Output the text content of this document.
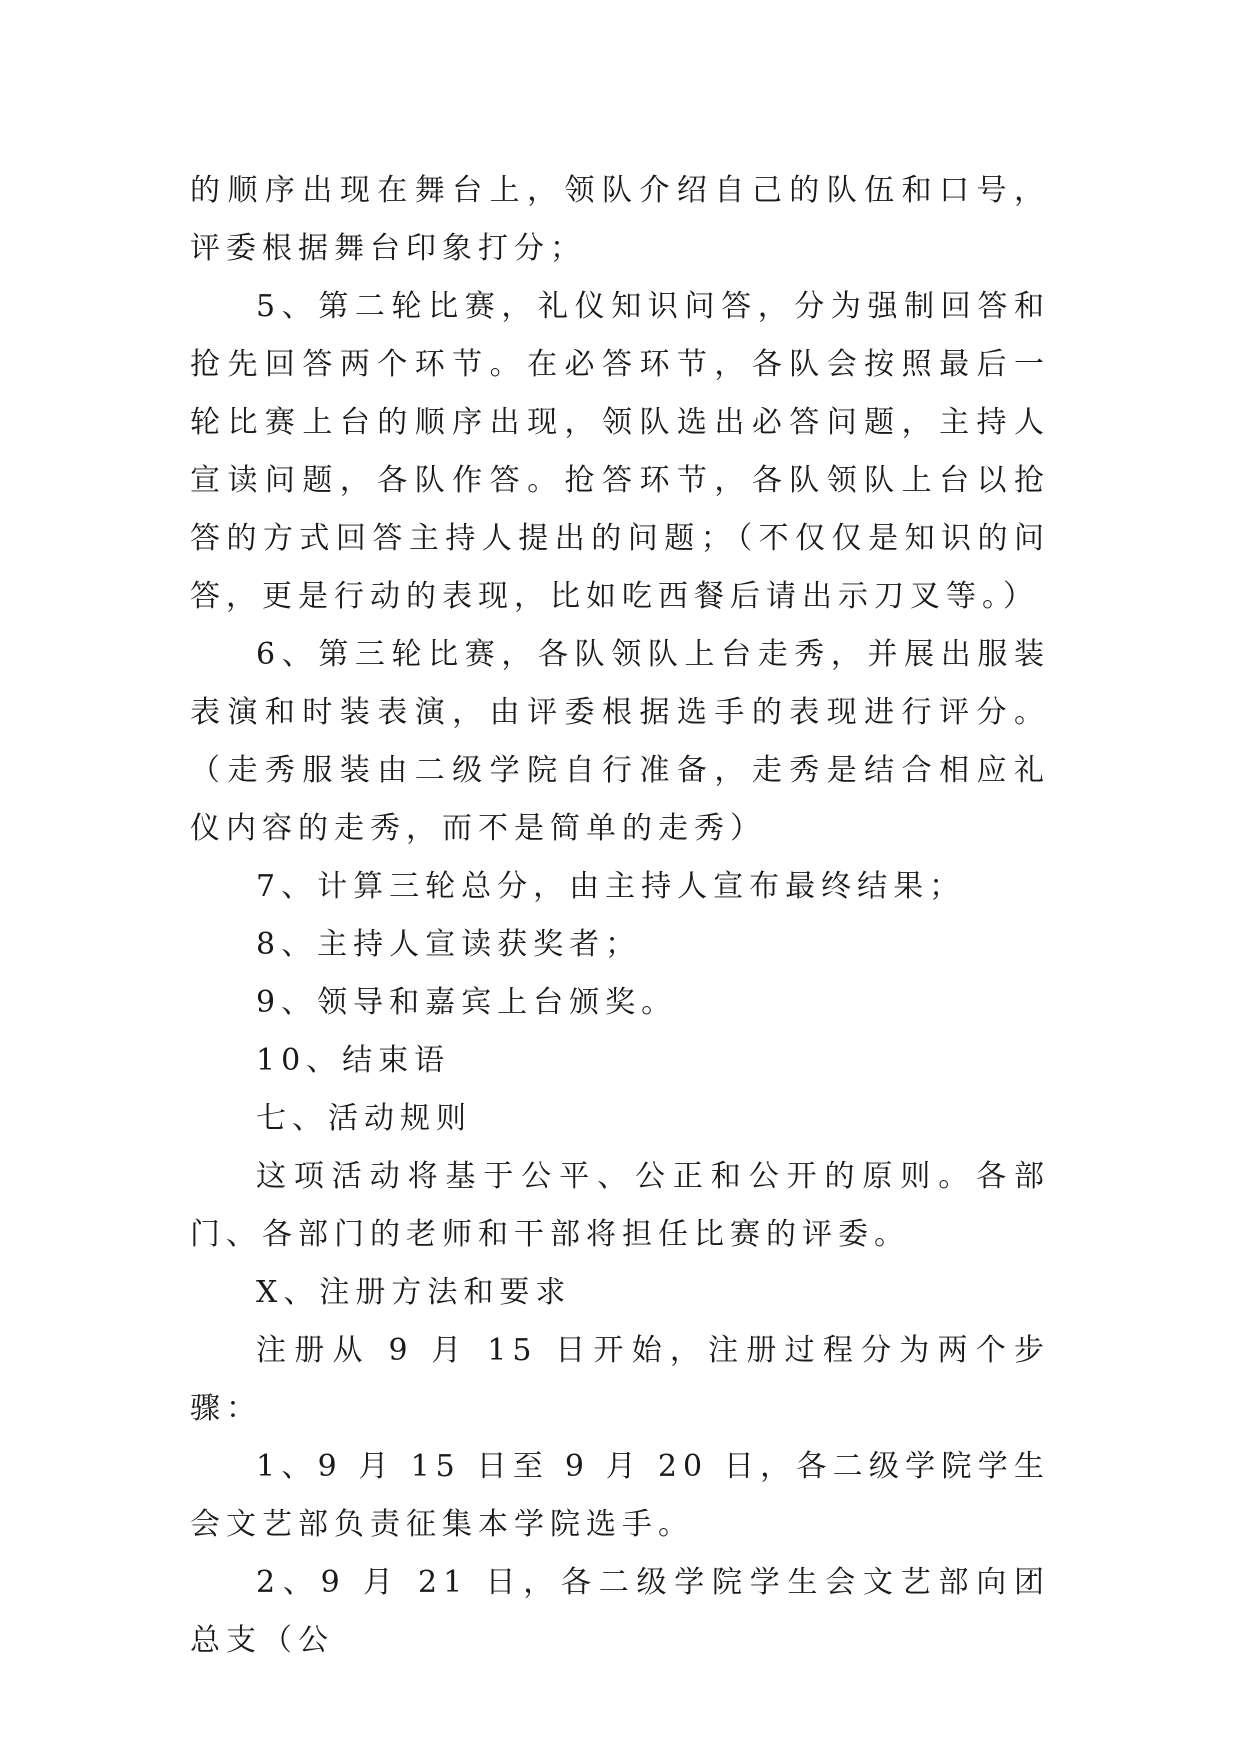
的顺序出现在舞台上，领队介绍自己的队伍和口号，评委根据舞台印象打分；

5、第二轮比赛，礼仪知识问答，分为强制回答和抢先回答两个环节。在必答环节，各队会按照最后一轮比赛上台的顺序出现，领队选出必答问题，主持人宣读问题，各队作答。抢答环节，各队领队上台以抢答的方式回答主持人提出的问题；（不仅仅是知识的问答，更是行动的表现，比如吃西餐后请出示刀叉等。）

6、第三轮比赛，各队领队上台走秀，并展出服装表演和时装表演，由评委根据选手的表现进行评分。（走秀服装由二级学院自行准备，走秀是结合相应礼仪内容的走秀，而不是简单的走秀）

7、计算三轮总分，由主持人宣布最终结果；

8、主持人宣读获奖者；

9、领导和嘉宾上台颁奖。

10、结束语

七、活动规则

这项活动将基于公平、公正和公开的原则。各部门、各部门的老师和干部将担任比赛的评委。

X、注册方法和要求

注册从 9 月 15 日开始，注册过程分为两个步骤：

1、9 月 15 日至 9 月 20 日，各二级学院学生会文艺部负责征集本学院选手。

2、9 月 21 日，各二级学院学生会文艺部向团总支（公
